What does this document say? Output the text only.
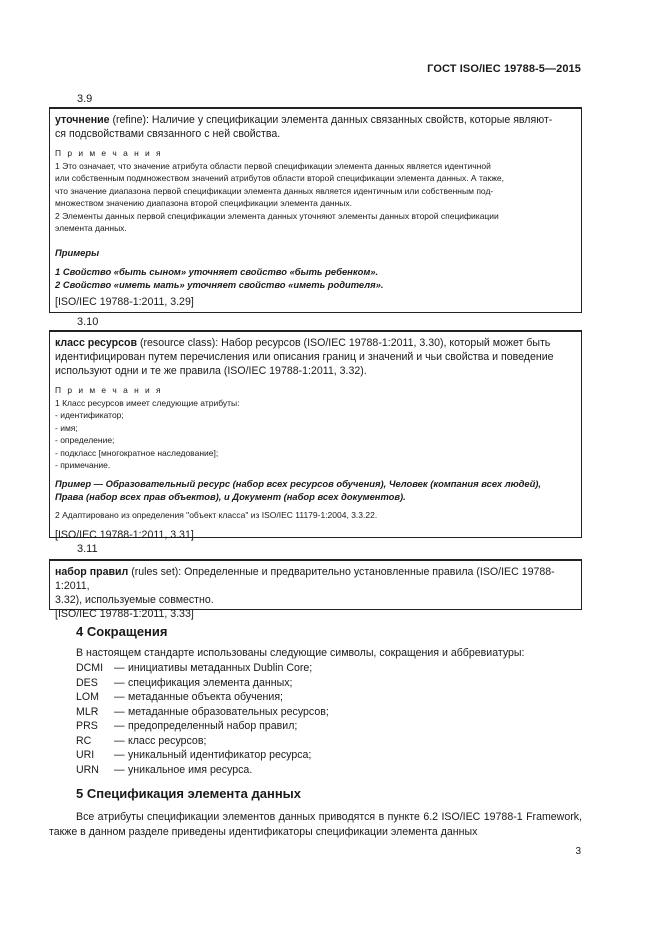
ГОСТ ISO/IEC 19788-5—2015
3.9

уточнение (refine): Наличие у спецификации элемента данных связанных свойств, которые являют-

ся подсвойствами связанного с ней свойства.

П р и м е ч а н и я

1 Это означает, что значение атрибута области первой спецификации элемента данных является идентичной

или собственным подмножеством значений атрибутов области второй спецификации элемента данных. А также,

что значение диапазона первой спецификации элемента данных является идентичным или собственным под-

множеством значению диапазона второй спецификации элемента данных.

2 Элементы данных первой спецификации элемента данных уточняют элементы данных второй спецификации

элемента данных.

Примеры

1 Свойство «быть сыном» уточняет свойство «быть ребенком».

2 Свойство «иметь мать» уточняет свойство «иметь родителя».

[ISO/IEC 19788-1:2011, 3.29]

3.10

класс ресурсов (resource class): Набор ресурсов (ISO/IEC 19788-1:2011, 3.30), который может быть

идентифицирован путем перечисления или описания границ и значений и чьи свойства и поведение

используют одни и те же правила (ISO/IEC 19788-1:2011, 3.32).

П р и м е ч а н и я

1 Класс ресурсов имеет следующие атрибуты:

- идентификатор;

- имя;

- определение;

- подкласс [многократное наследование];

- примечание.

Пример — Образовательный ресурс (набор всех ресурсов обучения), Человек (компания всех людей),

Права (набор всех прав объектов), и Документ (набор всех документов).

2 Адаптировано из определения "объект класса" из ISO/IEC 11179-1:2004, 3.3.22.

[ISO/IEC 19788-1:2011, 3.31]

3.11

набор правил (rules set): Определенные и предварительно установленные правила (ISO/IEC 19788-1:2011,

3.32), используемые совместно.

[ISO/IEC 19788-1:2011, 3.33]

4 Сокращения
В настоящем стандарте использованы следующие символы, сокращения и аббревиатуры:
DCMI	— инициативы метаданных Dublin Core;
DES	— спецификация элемента данных;
LOM	— метаданные объекта обучения;
MLR	— метаданные образовательных ресурсов;
PRS	— предопределенный набор правил;
RC	— класс ресурсов;
URI	— уникальный идентификатор ресурса;
URN	— уникальное имя ресурса.
5 Спецификация элемента данных
Все атрибуты спецификации элементов данных приводятся в пункте 6.2 ISO/IEC 19788-1 Framework, также в данном разделе приведены идентификаторы спецификации элемента данных
3
